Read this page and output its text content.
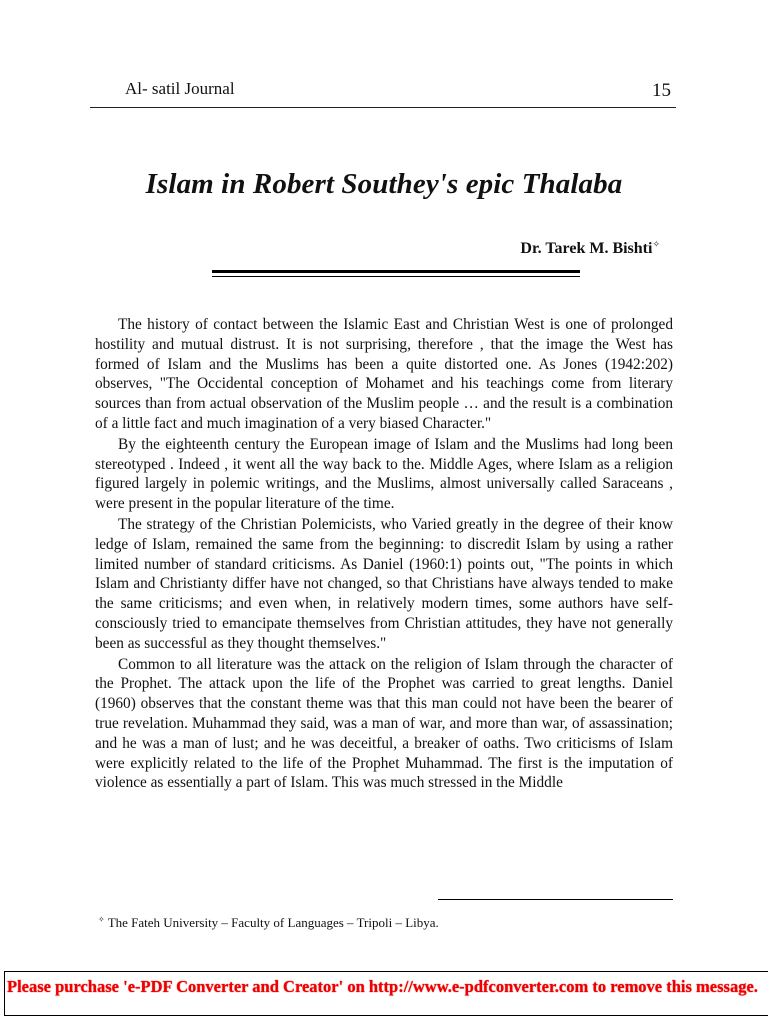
Al- satil Journal	15
Islam in Robert Southey's epic Thalaba
Dr. Tarek M. Bishti✧

The history of contact between the Islamic East and Christian West is one of prolonged hostility and mutual distrust. It is not surprising, therefore , that the image the West has formed of Islam and the Muslims has been a quite distorted one. As Jones (1942:202) observes, "The Occidental conception of Mohamet and his teachings come from literary sources than from actual observation of the Muslim people … and the result is a combination of a little fact and much imagination of a very biased Character."

By the eighteenth century the European image of Islam and the Muslims had long been stereotyped . Indeed , it went all the way back to the. Middle Ages, where Islam as a religion figured largely in polemic writings, and the Muslims, almost universally called Saraceans , were present in the popular literature of the time.

The strategy of the Christian Polemicists, who Varied greatly in the degree of their know ledge of Islam, remained the same from the beginning: to discredit Islam by using a rather limited number of standard criticisms. As Daniel (1960:1) points out, "The points in which Islam and Christianty differ have not changed, so that Christians have always tended to make the same criticisms; and even when, in relatively modern times, some authors have self-consciously tried to emancipate themselves from Christian attitudes, they have not generally been as successful as they thought themselves."

Common to all literature was the attack on the religion of Islam through the character of the Prophet. The attack upon the life of the Prophet was carried to great lengths. Daniel (1960) observes that the constant theme was that this man could not have been the bearer of true revelation. Muhammad they said, was a man of war, and more than war, of assassination; and he was a man of lust; and he was deceitful, a breaker of oaths. Two criticisms of Islam were explicitly related to the life of the Prophet Muhammad. The first is the imputation of violence as essentially a part of Islam. This was much stressed in the Middle

✧ The Fateh University – Faculty of Languages – Tripoli – Libya.
Please purchase 'e-PDF Converter and Creator' on http://www.e-pdfconverter.com to remove this message.
